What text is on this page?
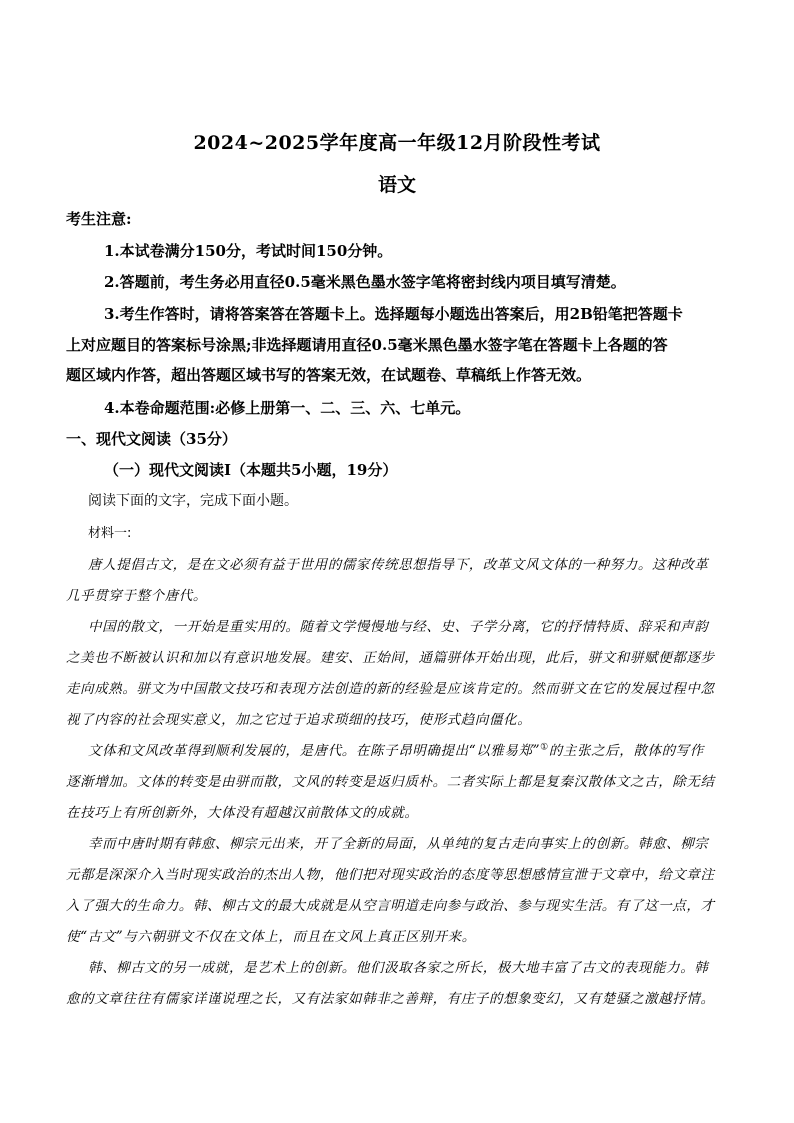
2024~2025学年度高一年级12月阶段性考试
语文
考生注意:
1.本试卷满分150分，考试时间150分钟。
2.答题前，考生务必用直径0.5毫米黑色墨水签字笔将密封线内项目填写清楚。
3.考生作答时，请将答案答在答题卡上。选择题每小题选出答案后，用2B铅笔把答题卡
上对应题目的答案标号涂黑;非选择题请用直径0.5毫米黑色墨水签字笔在答题卡上各题的答
题区域内作答，超出答题区域书写的答案无效，在试题卷、草稿纸上作答无效。
4.本卷命题范围:必修上册第一、二、三、六、七单元。
一、现代文阅读（35分）
（一）现代文阅读Ⅰ（本题共5小题，19分）
阅读下面的文字，完成下面小题。
材料一:
唐人提倡古文，是在文必须有益于世用的儒家传统思想指导下，改革文风文体的一种努力。这种改革
几乎贯穿于整个唐代。
中国的散文，一开始是重实用的。随着文学慢慢地与经、史、子学分离，它的抒情特质、辞采和声韵
之美也不断被认识和加以有意识地发展。建安、正始间，通篇骈体开始出现，此后，骈文和骈赋便都逐步
走向成熟。骈文为中国散文技巧和表现方法创造的新的经验是应该肯定的。然而骈文在它的发展过程中忽
视了内容的社会现实意义，加之它过于追求琐细的技巧，使形式趋向僵化。
文体和文风改革得到顺利发展的，是唐代。在陈子昂明确提出“以雅易郑”①的主张之后，散体的写作
逐渐增加。文体的转变是由骈而散，文风的转变是返归质朴。二者实际上都是复秦汉散体文之古，除无结
在技巧上有所创新外，大体没有超越汉前散体文的成就。
幸而中唐时期有韩愈、柳宗元出来，开了全新的局面，从单纯的复古走向事实上的创新。韩愈、柳宗
元都是深深介入当时现实政治的杰出人物，他们把对现实政治的态度等思想感情宣泄于文章中，给文章注
入了强大的生命力。韩、柳古文的最大成就是从空言明道走向参与政治、参与现实生活。有了这一点，才
使“古文”与六朝骈文不仅在文体上，而且在文风上真正区别开来。
韩、柳古文的另一成就，是艺术上的创新。他们汲取各家之所长，极大地丰富了古文的表现能力。韩
愈的文章往往有儒家详谨说理之长，又有法家如韩非之善辩，有庄子的想象变幻，又有楚骚之激越抒情。
